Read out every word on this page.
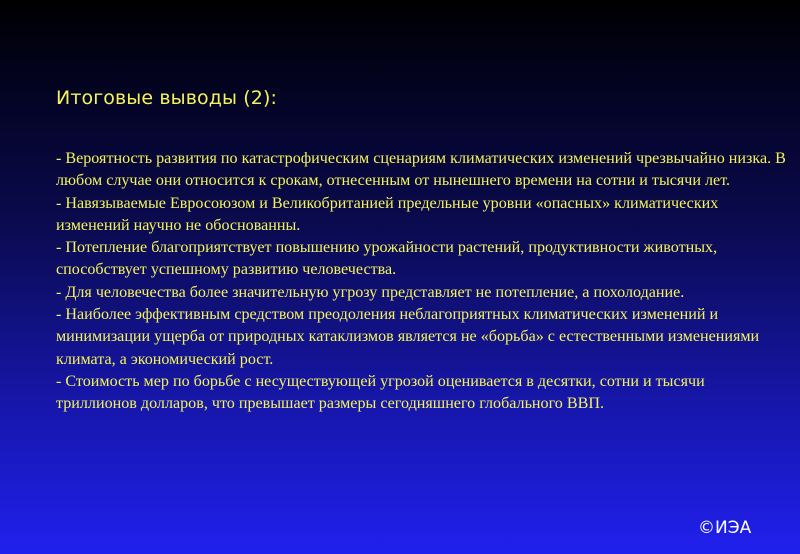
Итоговые выводы (2):

- Вероятность развития по катастрофическим сценариям климатических изменений чрезвычайно низка. В любом случае они относится к срокам, отнесенным от нынешнего времени на сотни и тысячи лет.

- Навязываемые Евросоюзом и Великобританией предельные уровни «опасных» климатических изменений научно не обоснованны.

- Потепление благоприятствует повышению урожайности растений, продуктивности животных, способствует успешному развитию человечества.

- Для человечества более значительную угрозу представляет не потепление, а похолодание.

- Наиболее эффективным средством преодоления неблагоприятных климатических изменений и минимизации ущерба от природных катаклизмов является не «борьба» с естественными изменениями климата, а экономический рост.

- Стоимость мер по борьбе с несуществующей угрозой оценивается в десятки, сотни и тысячи триллионов долларов, что превышает размеры сегодняшнего глобального ВВП.

©ИЭА
